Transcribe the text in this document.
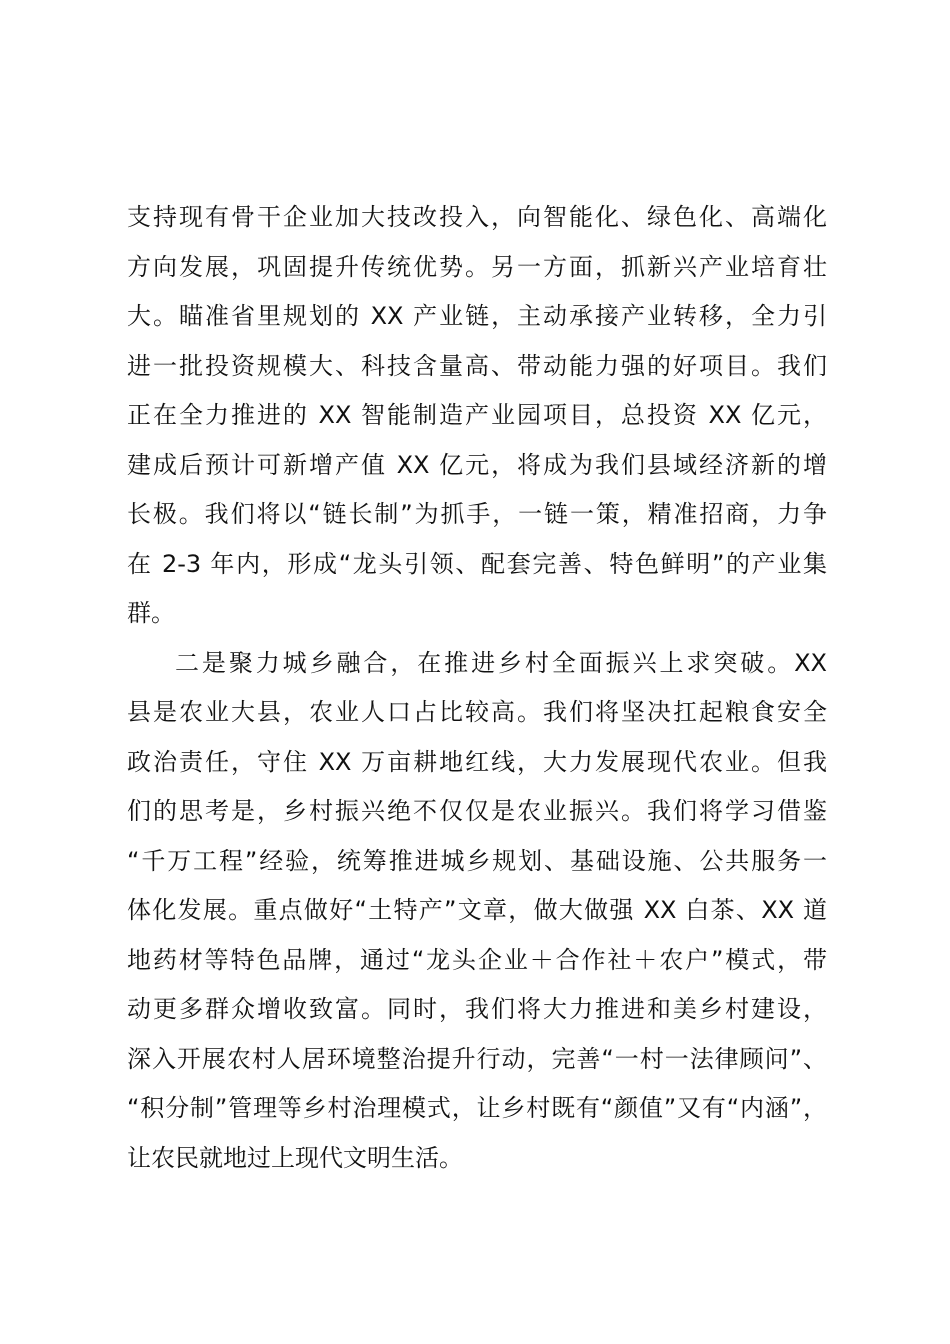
支持现有骨干企业加大技改投入，向智能化、绿色化、高端化
方向发展，巩固提升传统优势。另一方面，抓新兴产业培育壮
大。瞄准省里规划的 XX 产业链，主动承接产业转移，全力引
进一批投资规模大、科技含量高、带动能力强的好项目。我们
正在全力推进的 XX 智能制造产业园项目，总投资 XX 亿元，
建成后预计可新增产值 XX 亿元，将成为我们县域经济新的增
长极。我们将以“链长制”为抓手，一链一策，精准招商，力争
在 2-3 年内，形成“龙头引领、配套完善、特色鲜明”的产业集
群。
二是聚力城乡融合，在推进乡村全面振兴上求突破。XX
县是农业大县，农业人口占比较高。我们将坚决扛起粮食安全
政治责任，守住 XX 万亩耕地红线，大力发展现代农业。但我
们的思考是，乡村振兴绝不仅仅是农业振兴。我们将学习借鉴
“千万工程”经验，统筹推进城乡规划、基础设施、公共服务一
体化发展。重点做好“土特产”文章，做大做强 XX 白茶、XX 道
地药材等特色品牌，通过“龙头企业＋合作社＋农户”模式，带
动更多群众增收致富。同时，我们将大力推进和美乡村建设，
深入开展农村人居环境整治提升行动，完善“一村一法律顾问”、
“积分制”管理等乡村治理模式，让乡村既有“颜值”又有“内涵”，
让农民就地过上现代文明生活。
